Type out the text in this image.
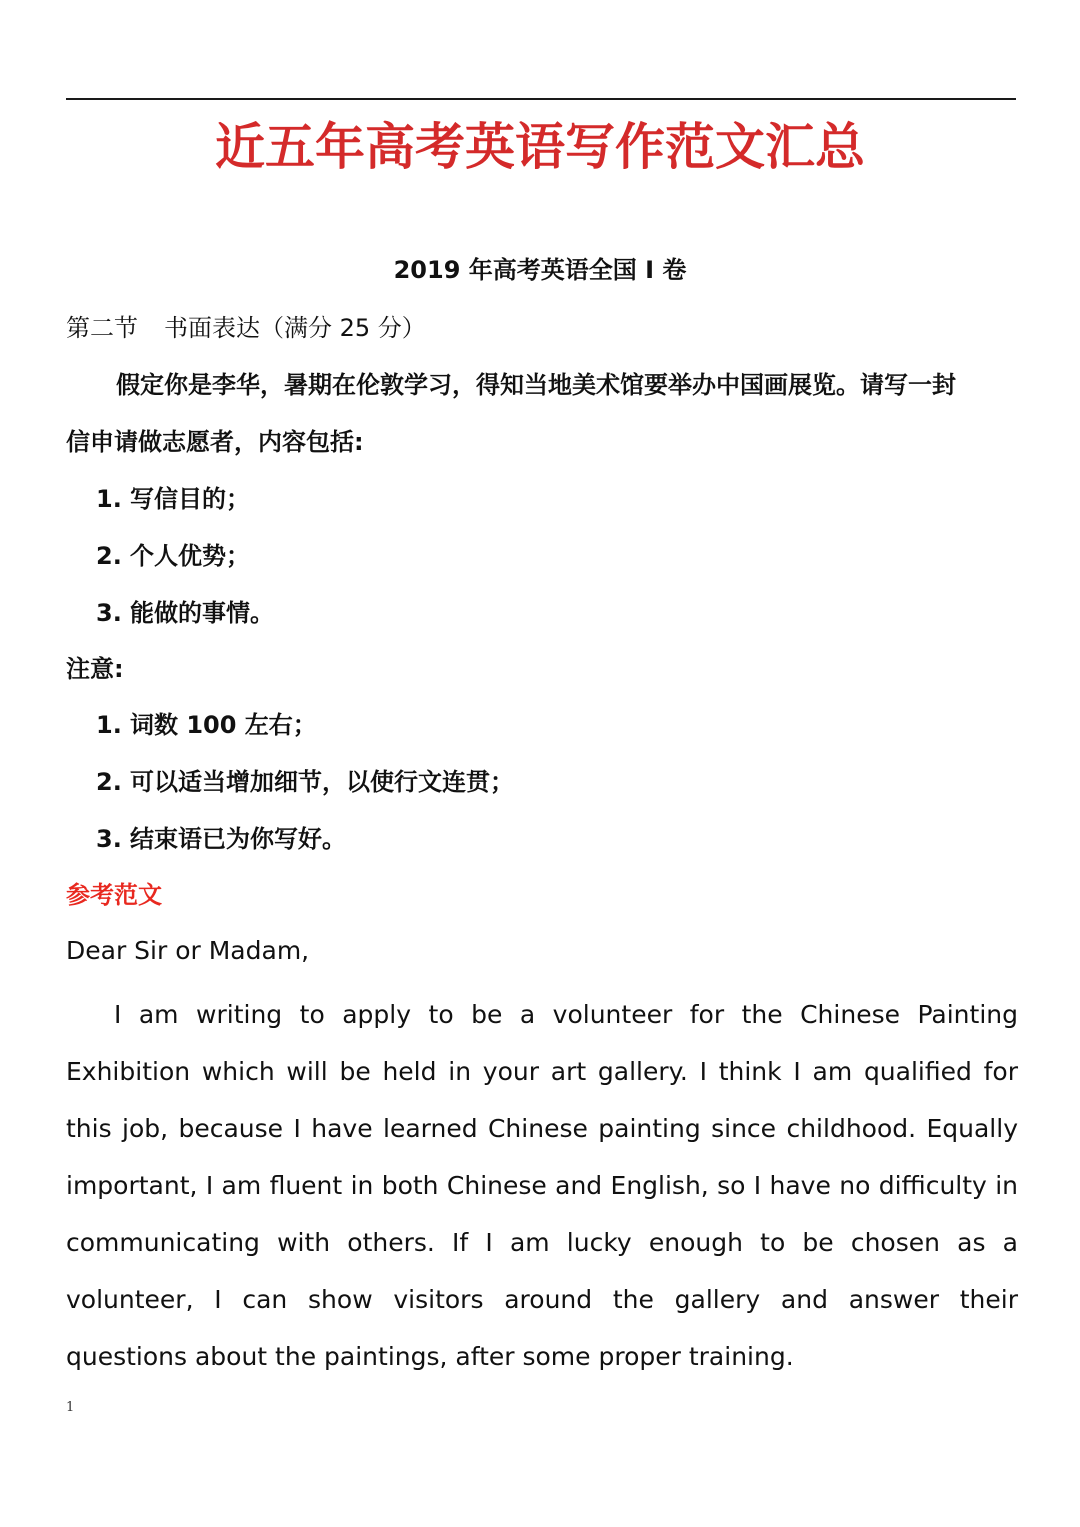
近五年高考英语写作范文汇总
2019 年高考英语全国 I 卷
第二节 书面表达（满分 25 分）
假定你是李华，暑期在伦敦学习，得知当地美术馆要举办中国画展览。请写一封
信申请做志愿者，内容包括:
1. 写信目的；
2. 个人优势；
3. 能做的事情。
注意:
1. 词数 100 左右；
2. 可以适当增加细节，以使行文连贯；
3. 结束语已为你写好。
参考范文
Dear Sir or Madam,

I am writing to apply to be a volunteer for the Chinese Painting Exhibition which will be held in your art gallery. I think I am qualified for this job, because I have learned Chinese painting since childhood. Equally important, I am fluent in both Chinese and English, so I have no difficulty in communicating with others. If I am lucky enough to be chosen as a volunteer, I can show visitors around the gallery and answer their questions about the paintings, after some proper training.

1
